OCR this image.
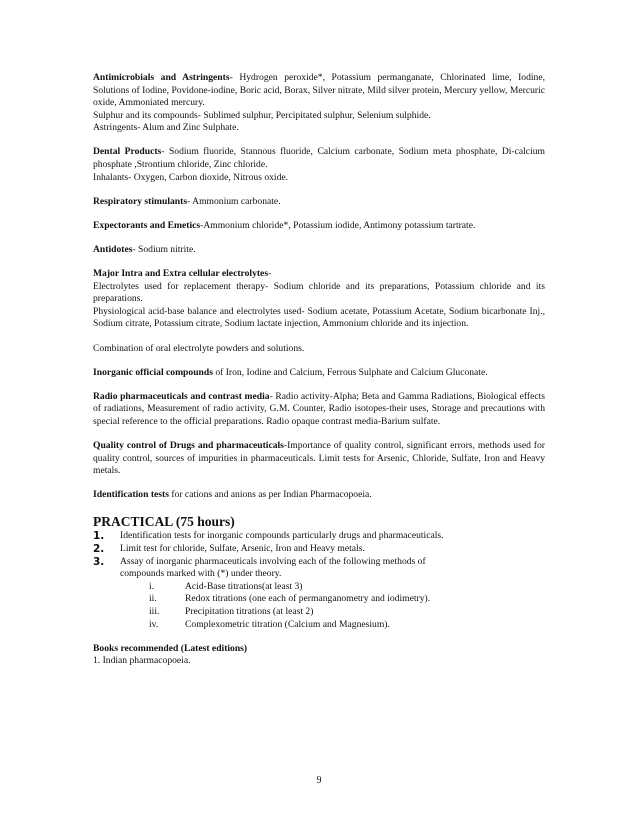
Antimicrobials and Astringents- Hydrogen peroxide*, Potassium permanganate, Chlorinated lime, Iodine, Solutions of Iodine, Povidone-iodine, Boric acid, Borax, Silver nitrate, Mild silver protein, Mercury yellow, Mercuric oxide, Ammoniated mercury.

Sulphur and its compounds- Sublimed sulphur, Percipitated sulphur, Selenium sulphide.

Astringents- Alum and Zinc Sulphate.

Dental Products- Sodium fluoride, Stannous fluoride, Calcium carbonate, Sodium meta phosphate, Di-calcium phosphate ,Strontium chloride, Zinc chloride.

Inhalants- Oxygen, Carbon dioxide, Nitrous oxide.

Respiratory stimulants- Ammonium carbonate.

Expectorants and Emetics-Ammonium chloride*, Potassium iodide, Antimony potassium tartrate.

Antidotes- Sodium nitrite.

Major Intra and Extra cellular electrolytes-

Electrolytes used for replacement therapy- Sodium chloride and its preparations, Potassium chloride and its preparations.

Physiological acid-base balance and electrolytes used- Sodium acetate, Potassium Acetate, Sodium bicarbonate Inj., Sodium citrate, Potassium citrate, Sodium lactate injection, Ammonium chloride and its injection.

Combination of oral electrolyte powders and solutions.

Inorganic official compounds of Iron, Iodine and Calcium, Ferrous Sulphate and Calcium Gluconate.

Radio pharmaceuticals and contrast media- Radio activity-Alpha; Beta and Gamma Radiations, Biological effects of radiations, Measurement of radio activity, G.M. Counter, Radio isotopes-their uses, Storage and precautions with special reference to the official preparations. Radio opaque contrast media-Barium sulfate.

Quality control of Drugs and pharmaceuticals-Importance of quality control, significant errors, methods used for quality control, sources of impurities in pharmaceuticals. Limit tests for Arsenic, Chloride, Sulfate, Iron and Heavy metals.

Identification tests for cations and anions as per Indian Pharmacopoeia.

PRACTICAL (75 hours)
1.	Identification tests for inorganic compounds particularly drugs and pharmaceuticals.
2.	Limit test for chloride, Sulfate, Arsenic, Iron and Heavy metals.
3.	Assay of inorganic pharmaceuticals involving each of the following methods of
compounds marked with (*) under theory.
i.	Acid-Base titrations(at least 3)
ii.	Redox titrations (one each of permanganometry and iodimetry).
iii.	Precipitation titrations (at least 2)
iv.	Complexometric titration (Calcium and Magnesium).

Books recommended (Latest editions)

1. Indian pharmacopoeia.

9
